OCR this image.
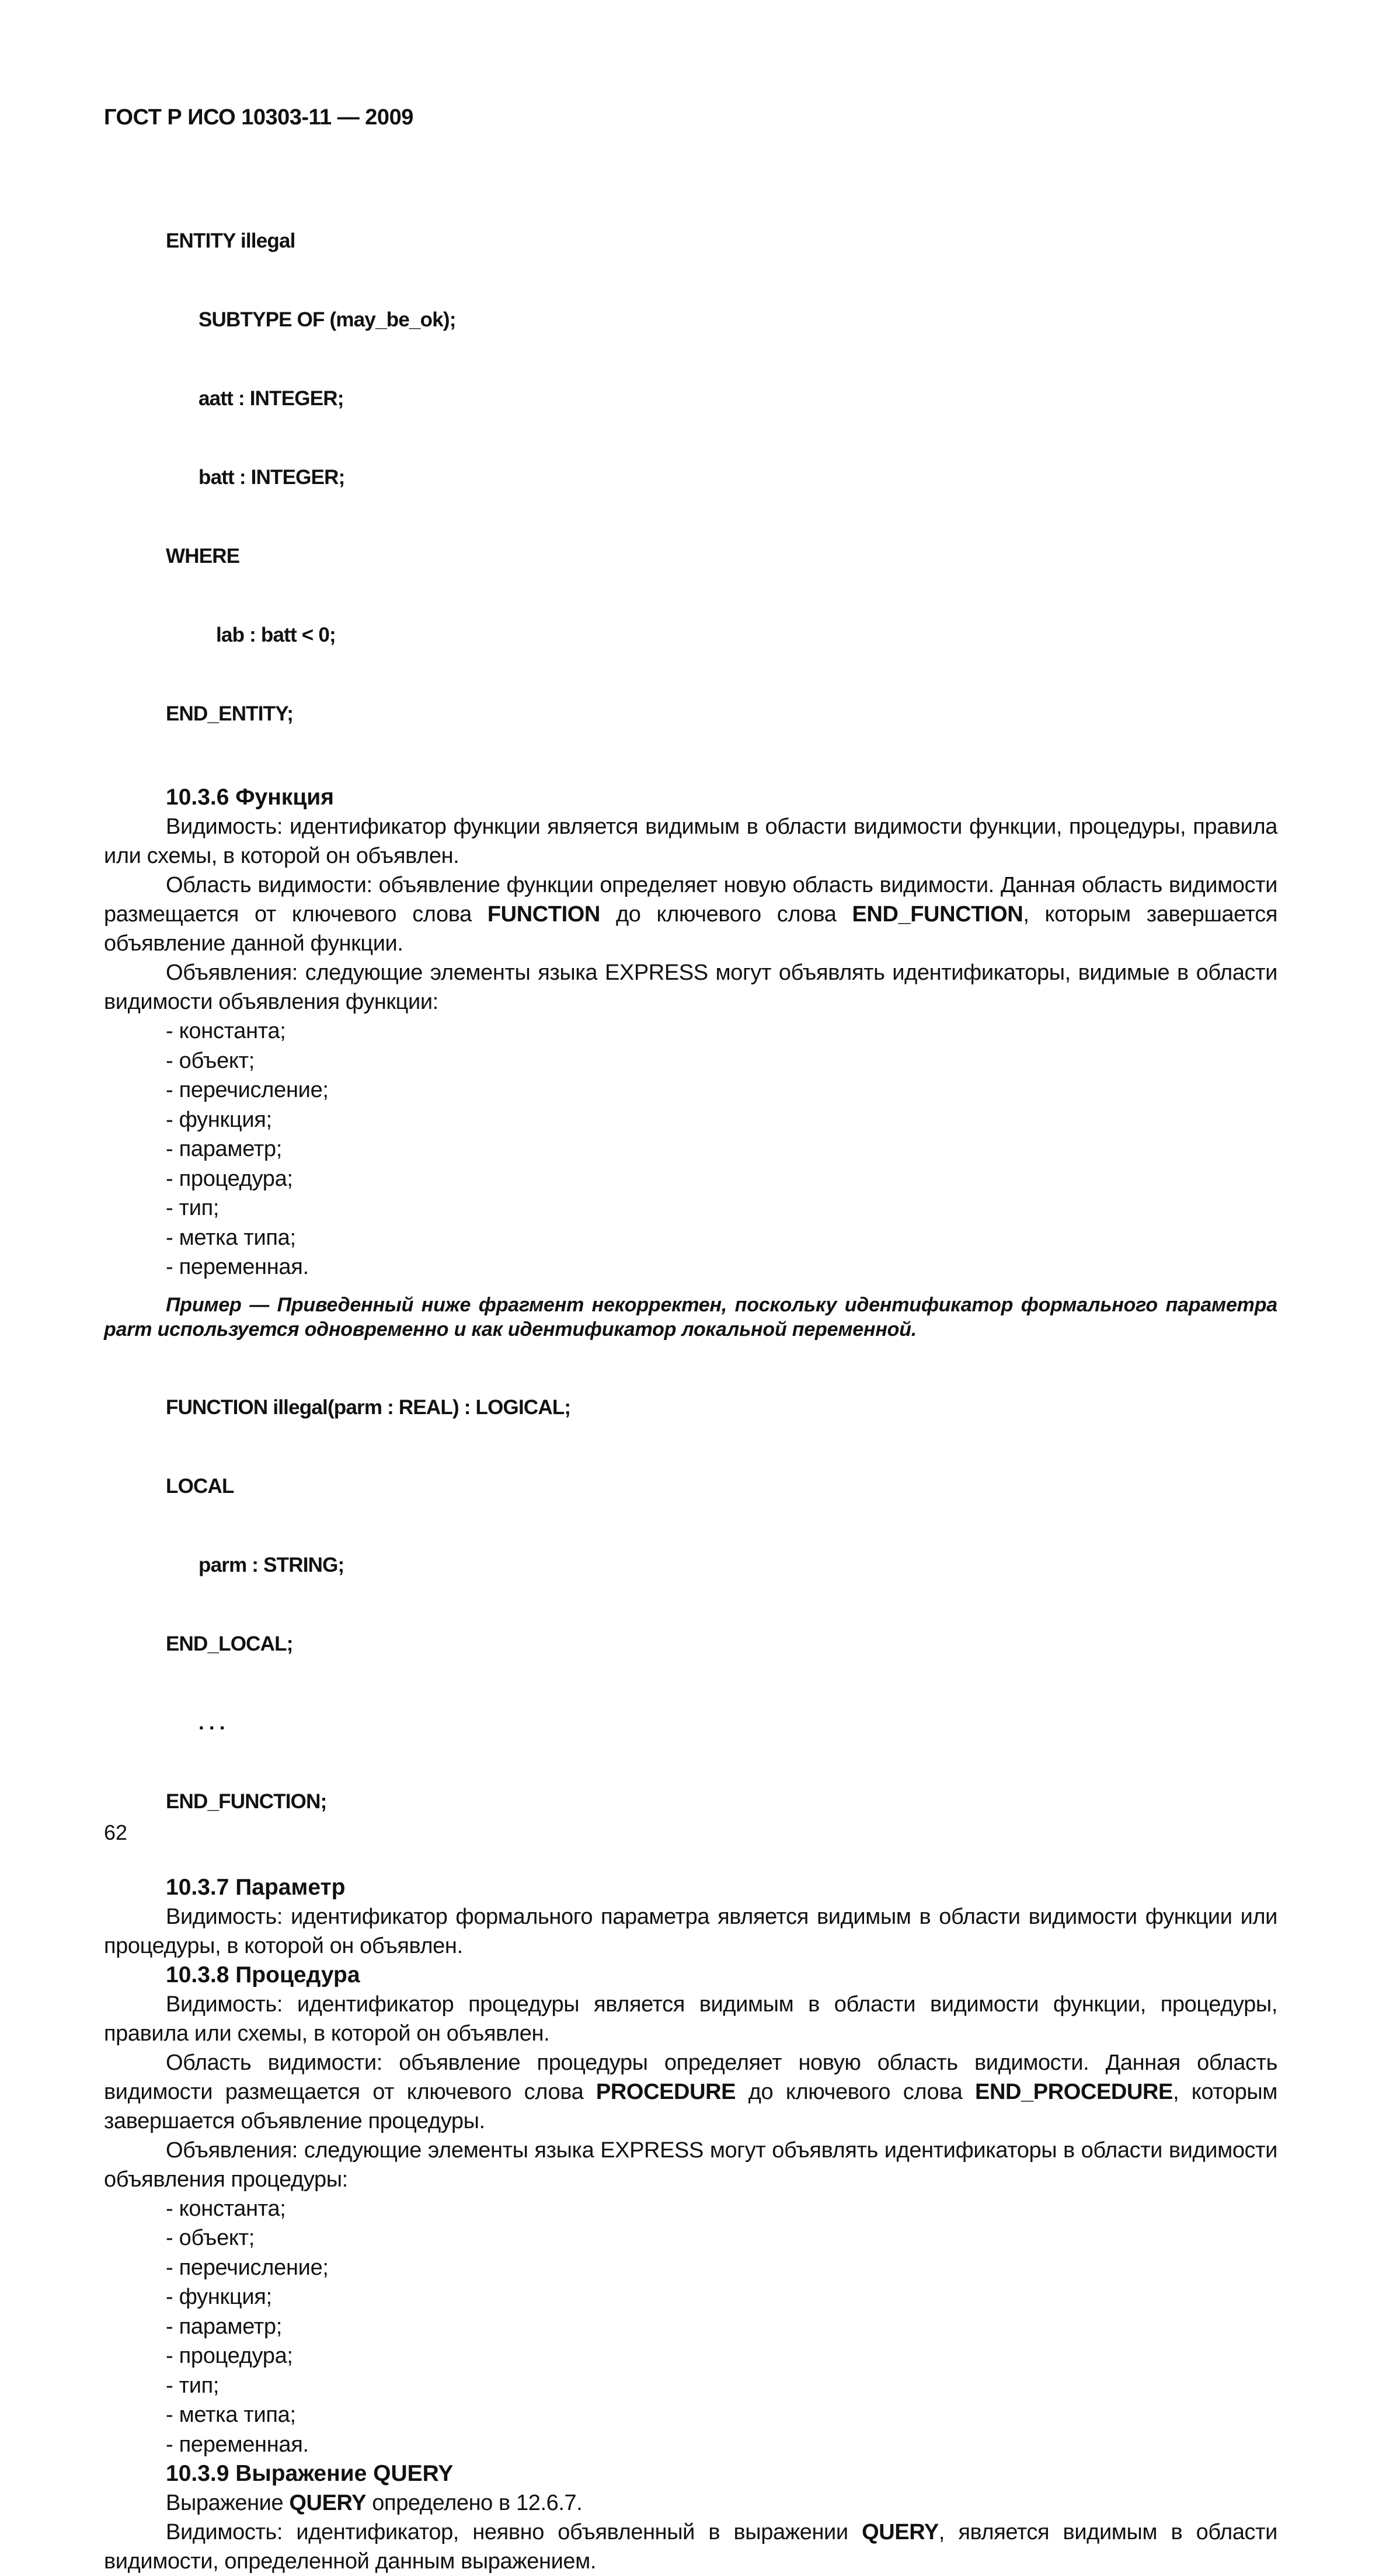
ГОСТ Р ИСО 10303-11 — 2009

ENTITY illegal

SUBTYPE OF (may_be_ok);

aatt : INTEGER;

batt : INTEGER;

WHERE

lab : batt < 0;

END_ENTITY;

10.3.6 Функция

Видимость: идентификатор функции является видимым в области видимости функции, процедуры, правила или схемы, в которой он объявлен.

Область видимости: объявление функции определяет новую область видимости. Данная область видимости размещается от ключевого слова FUNCTION до ключевого слова END_FUNCTION, которым завершается объявление данной функции.

Объявления: следующие элементы языка EXPRESS могут объявлять идентификаторы, видимые в области видимости объявления функции:

- константа;
- объект;
- перечисление;
- функция;
- параметр;
- процедура;
- тип;
- метка типа;
- переменная.

Пример — Приведенный ниже фрагмент некорректен, поскольку идентификатор формального параметра parm используется одновременно и как идентификатор локальной переменной.

FUNCTION illegal(parm : REAL) : LOGICAL;

LOCAL

parm : STRING;

END_LOCAL;

. . .

END_FUNCTION;

10.3.7 Параметр

Видимость: идентификатор формального параметра является видимым в области видимости функции или процедуры, в которой он объявлен.

10.3.8 Процедура

Видимость: идентификатор процедуры является видимым в области видимости функции, процедуры, правила или схемы, в которой он объявлен.

Область видимости: объявление процедуры определяет новую область видимости. Данная область видимости размещается от ключевого слова PROCEDURE до ключевого слова END_PROCEDURE, которым завершается объявление процедуры.

Объявления: следующие элементы языка EXPRESS могут объявлять идентификаторы в области видимости объявления процедуры:

- константа;
- объект;
- перечисление;
- функция;
- параметр;
- процедура;
- тип;
- метка типа;
- переменная.
10.3.9 Выражение QUERY

Выражение QUERY определено в 12.6.7.

Видимость: идентификатор, неявно объявленный в выражении QUERY, является видимым в области видимости, определенной данным выражением.

62
